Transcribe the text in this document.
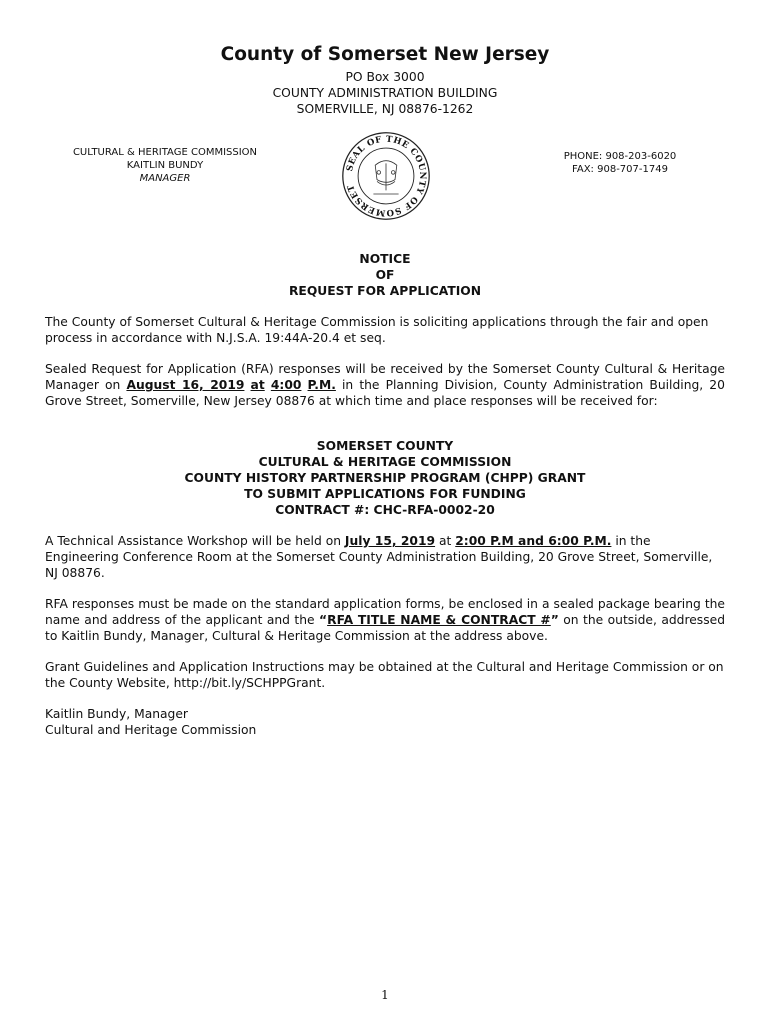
County of Somerset New Jersey
PO Box 3000
COUNTY ADMINISTRATION BUILDING
SOMERVILLE, NJ 08876-1262
CULTURAL & HERITAGE COMMISSION
KAITLIN BUNDY
MANAGER
PHONE: 908-203-6020
FAX: 908-707-1749
SEAL OF THE COUNTY OF SOMERSET
NOTICE
OF
REQUEST FOR APPLICATION

The County of Somerset Cultural & Heritage Commission is soliciting applications through the fair and open process in accordance with N.J.S.A. 19:44A-20.4 et seq.

Sealed Request for Application (RFA) responses will be received by the Somerset County Cultural & Heritage Manager on August 16, 2019 at 4:00 P.M. in the Planning Division, County Administration Building, 20 Grove Street, Somerville, New Jersey 08876 at which time and place responses will be received for:

SOMERSET COUNTY
CULTURAL & HERITAGE COMMISSION
COUNTY HISTORY PARTNERSHIP PROGRAM (CHPP) GRANT
TO SUBMIT APPLICATIONS FOR FUNDING
CONTRACT #: CHC-RFA-0002-20

A Technical Assistance Workshop will be held on July 15, 2019 at 2:00 P.M and 6:00 P.M. in the Engineering Conference Room at the Somerset County Administration Building, 20 Grove Street, Somerville, NJ 08876.

RFA responses must be made on the standard application forms, be enclosed in a sealed package bearing the name and address of the applicant and the “RFA TITLE NAME & CONTRACT #” on the outside, addressed to Kaitlin Bundy, Manager, Cultural & Heritage Commission at the address above.

Grant Guidelines and Application Instructions may be obtained at the Cultural and Heritage Commission or on the County Website, http://bit.ly/SCHPPGrant.

Kaitlin Bundy, Manager
Cultural and Heritage Commission
1
